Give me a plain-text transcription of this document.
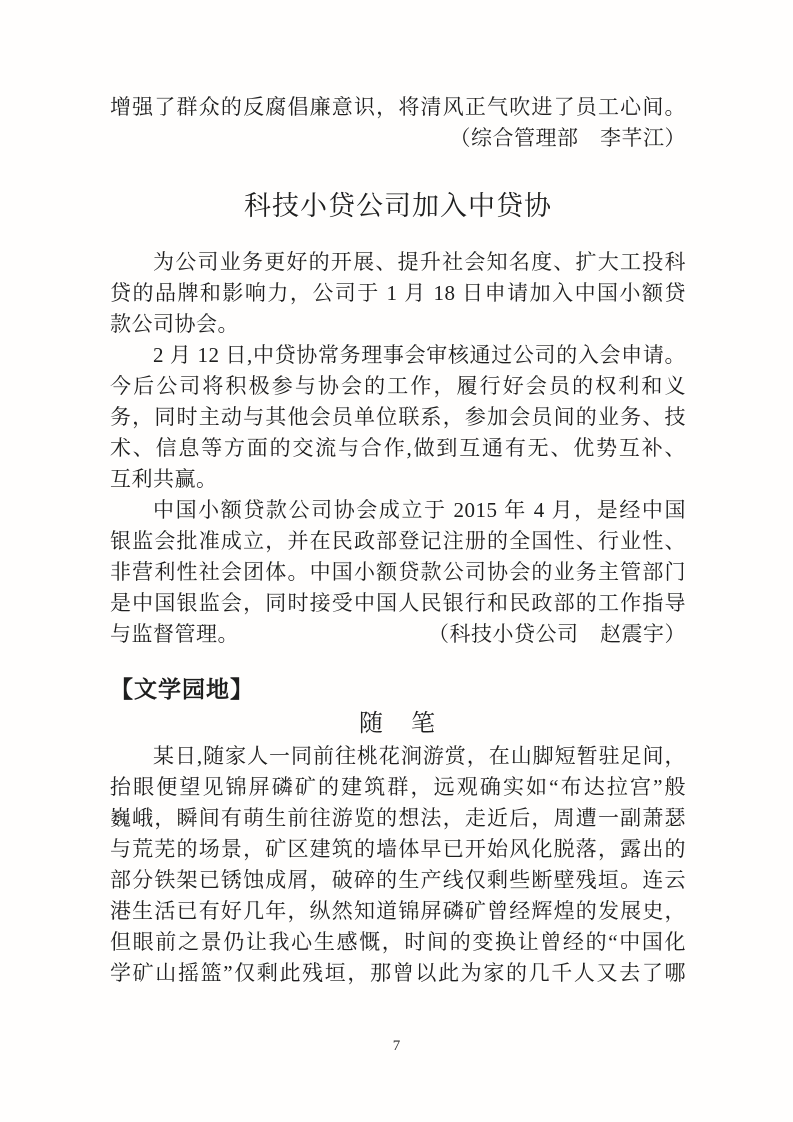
增强了群众的反腐倡廉意识，将清风正气吹进了员工心间。
（综合管理部　李芊江）
科技小贷公司加入中贷协

为公司业务更好的开展、提升社会知名度、扩大工投科
贷的品牌和影响力，公司于 1 月 18 日申请加入中国小额贷
款公司协会。

2 月 12 日,中贷协常务理事会审核通过公司的入会申请。
今后公司将积极参与协会的工作，履行好会员的权利和义
务，同时主动与其他会员单位联系，参加会员间的业务、技
术、信息等方面的交流与合作,做到互通有无、优势互补、
互利共赢。

中国小额贷款公司协会成立于 2015 年 4 月，是经中国
银监会批准成立，并在民政部登记注册的全国性、行业性、
非营利性社会团体。中国小额贷款公司协会的业务主管部门
是中国银监会，同时接受中国人民银行和民政部的工作指导
与监督管理。	（科技小贷公司　赵震宇）

【文学园地】
随　笔

某日,随家人一同前往桃花涧游赏，在山脚短暂驻足间，
抬眼便望见锦屏磷矿的建筑群，远观确实如“布达拉宫”般
巍峨，瞬间有萌生前往游览的想法，走近后，周遭一副萧瑟
与荒芜的场景，矿区建筑的墙体早已开始风化脱落，露出的
部分铁架已锈蚀成屑，破碎的生产线仅剩些断壁残垣。连云
港生活已有好几年，纵然知道锦屏磷矿曾经辉煌的发展史，
但眼前之景仍让我心生感慨，时间的变换让曾经的“中国化
学矿山摇篮”仅剩此残垣，那曾以此为家的几千人又去了哪

7
